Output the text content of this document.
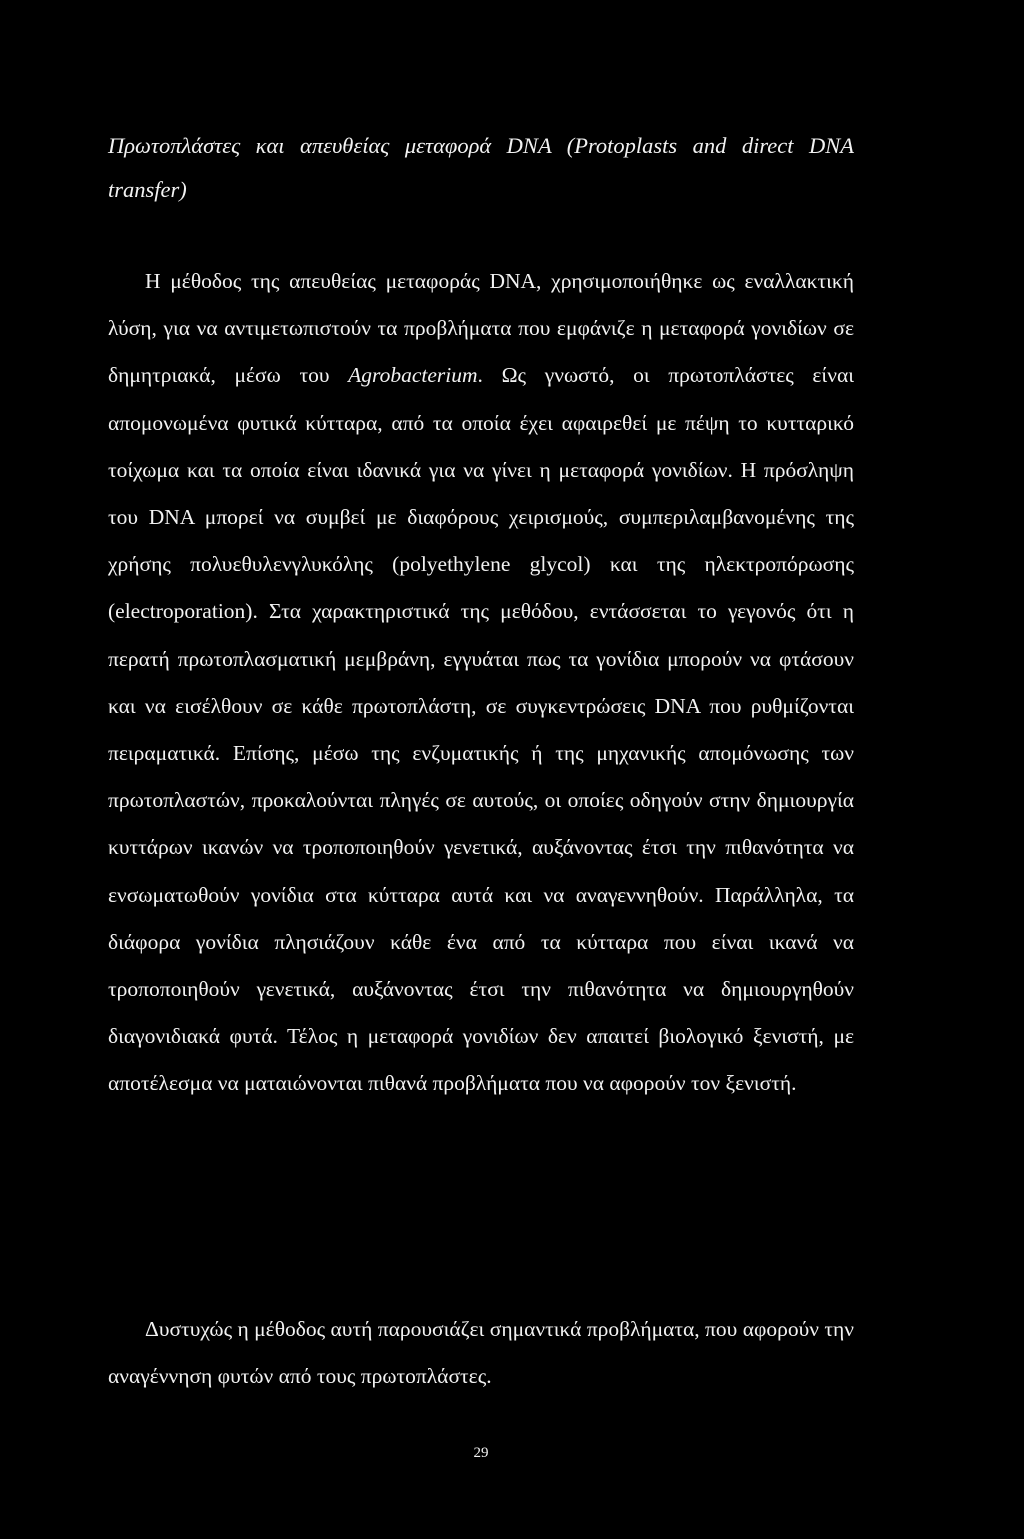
Πρωτοπλάστες και απευθείας μεταφορά DNA (Protoplasts and direct DNA transfer)

Η μέθοδος της απευθείας μεταφοράς DNA, χρησιμοποιήθηκε ως εναλλακτική λύση, για να αντιμετωπιστούν τα προβλήματα που εμφάνιζε η μεταφορά γονιδίων σε δημητριακά, μέσω του Agrobacterium. Ως γνωστό, οι πρωτοπλάστες είναι απομονωμένα φυτικά κύτταρα, από τα οποία έχει αφαιρεθεί με πέψη το κυτταρικό τοίχωμα και τα οποία είναι ιδανικά για να γίνει η μεταφορά γονιδίων. Η πρόσληψη του DNA μπορεί να συμβεί με διαφόρους χειρισμούς, συμπεριλαμβανομένης της χρήσης πολυεθυλενγλυκόλης (polyethylene glycol) και της ηλεκτροπόρωσης (electroporation). Στα χαρακτηριστικά της μεθόδου, εντάσσεται το γεγονός ότι η περατή πρωτοπλασματική μεμβράνη, εγγυάται πως τα γονίδια μπορούν να φτάσουν και να εισέλθουν σε κάθε πρωτοπλάστη, σε συγκεντρώσεις DNA που ρυθμίζονται πειραματικά. Επίσης, μέσω της ενζυματικής ή της μηχανικής απομόνωσης των πρωτοπλαστών, προκαλούνται πληγές σε αυτούς, οι οποίες οδηγούν στην δημιουργία κυττάρων ικανών να τροποποιηθούν γενετικά, αυξάνοντας έτσι την πιθανότητα να ενσωματωθούν γονίδια στα κύτταρα αυτά και να αναγεννηθούν. Παράλληλα, τα διάφορα γονίδια πλησιάζουν κάθε ένα από τα κύτταρα που είναι ικανά να τροποποιηθούν γενετικά, αυξάνοντας έτσι την πιθανότητα να δημιουργηθούν διαγονιδιακά φυτά. Τέλος η μεταφορά γονιδίων δεν απαιτεί βιολογικό ξενιστή, με αποτέλεσμα να ματαιώνονται πιθανά προβλήματα που να αφορούν τον ξενιστή.

Δυστυχώς η μέθοδος αυτή παρουσιάζει σημαντικά προβλήματα, που αφορούν την αναγέννηση φυτών από τους πρωτοπλάστες.

29
